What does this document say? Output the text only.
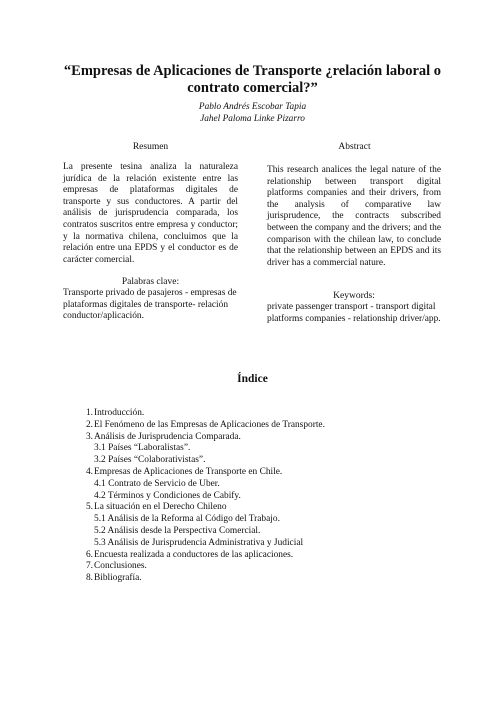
“Empresas de Aplicaciones de Transporte ¿relación laboral o contrato comercial?”
Pablo Andrés Escobar Tapia
Jahel Paloma Linke Pizarro
Resumen	Abstract

La presente tesina analiza la naturaleza jurídica de la relación existente entre las empresas de plataformas digitales de transporte y sus conductores. A partir del análisis de jurisprudencia comparada, los contratos suscritos entre empresa y conductor; y la normativa chilena, concluimos que la relación entre una EPDS y el conductor es de carácter comercial.

This research analices the legal nature of the relationship between transport digital platforms companies and their drivers, from the analysis of comparative law jurisprudence, the contracts subscribed between the company and the drivers; and the comparison with the chilean law, to conclude that the relationship between an EPDS and its driver has a commercial nature.

Palabras clave:

Transporte privado de pasajeros - empresas de plataformas digitales de transporte- relación conductor/aplicación.

Keywords:

private passenger transport - transport digital platforms companies - relationship driver/app.

Índice
1. Introducción.
2. El Fenómeno de las Empresas de Aplicaciones de Transporte.
3. Análisis de Jurisprudencia Comparada.
3.1 Países “Laboralistas”.
3.2 Países “Colaborativistas”.
4. Empresas de Aplicaciones de Transporte en Chile.
4.1 Contrato de Servicio de Uber.
4.2 Términos y Condiciones de Cabify.
5. La situación en el Derecho Chileno
5.1 Análisis de la Reforma al Código del Trabajo.
5.2 Análisis desde la Perspectiva Comercial.
5.3 Análisis de Jurisprudencia Administrativa y Judicial
6. Encuesta realizada a conductores de las aplicaciones.
7. Conclusiones.
8. Bibliografía.
